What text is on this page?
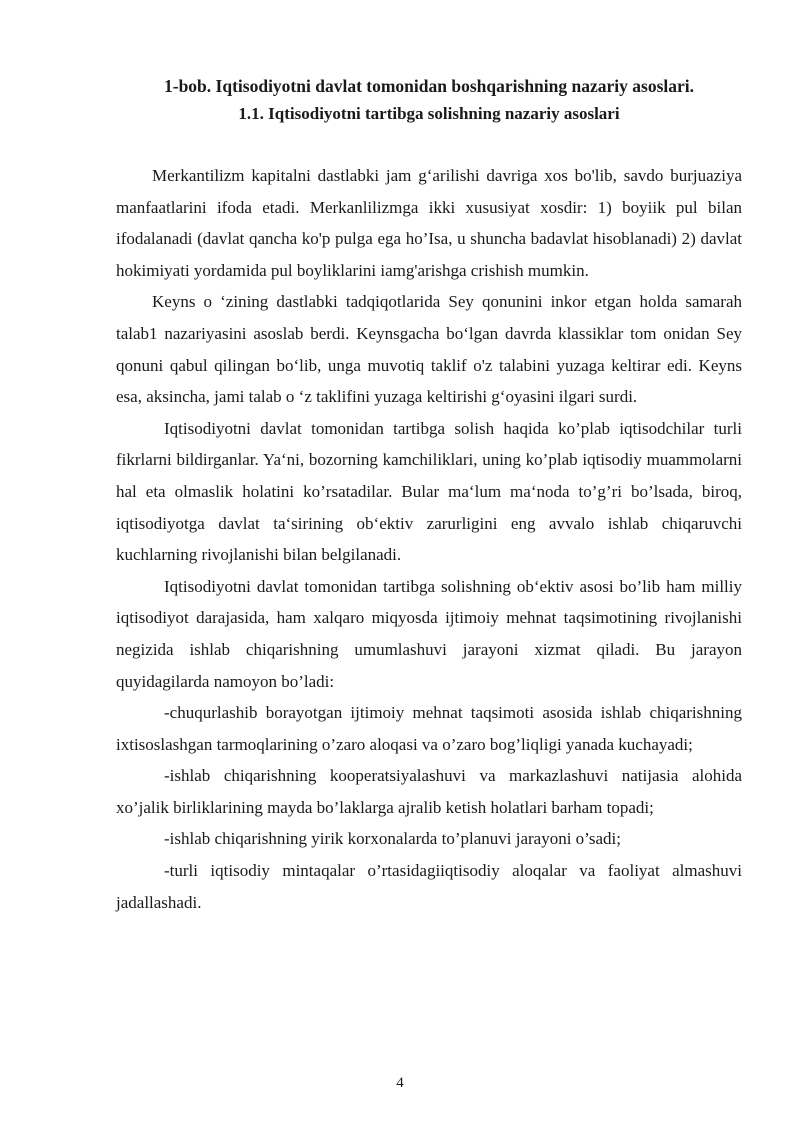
1-bob. Iqtisodiyotni davlat tomonidan boshqarishning nazariy asoslari.
1.1. Iqtisodiyotni tartibga solishning nazariy asoslari

Merkantilizm kapitalni dastlabki jam g‘arilishi davriga xos bo'lib, savdo burjuaziya manfaatlarini ifoda etadi. Merkanlilizmga ikki xususiyat xosdir: 1) boyiik pul bilan ifodalanadi (davlat qancha ko'p pulga ega ho’Isa, u shuncha badavlat hisoblanadi) 2) davlat hokimiyati yordamida pul boyliklarini iamg'arishga crishish mumkin.

Keyns o ‘zining dastlabki tadqiqotlarida Sey qonunini inkor etgan holda samarah talab1 nazariyasini asoslab berdi. Keynsgacha bo‘lgan davrda klassiklar tom onidan Sey qonuni qabul qilingan bo‘lib, unga muvotiq taklif o'z talabini yuzaga keltirar edi. Keyns esa, aksincha, jami talab o ‘z taklifini yuzaga keltirishi g‘oyasini ilgari surdi.

Iqtisodiyotni davlat tomonidan tartibga solish haqida ko’plab iqtisodchilar turli fikrlarni bildirganlar. Ya‘ni, bozorning kamchiliklari, uning ko’plab iqtisodiy muammolarni hal eta olmaslik holatini ko’rsatadilar. Bular ma‘lum ma‘noda to’g’ri bo’lsada, biroq, iqtisodiyotga davlat ta‘sirining ob‘ektiv zarurligini eng avvalo ishlab chiqaruvchi kuchlarning rivojlanishi bilan belgilanadi.

Iqtisodiyotni davlat tomonidan tartibga solishning ob‘ektiv asosi bo’lib ham milliy iqtisodiyot darajasida, ham xalqaro miqyosda ijtimoiy mehnat taqsimotining rivojlanishi negizida ishlab chiqarishning umumlashuvi jarayoni xizmat qiladi. Bu jarayon quyidagilarda namoyon bo’ladi:

-chuqurlashib borayotgan ijtimoiy mehnat taqsimoti asosida ishlab chiqarishning ixtisoslashgan tarmoqlarining o’zaro aloqasi va o’zaro bog’liqligi yanada kuchayadi;

-ishlab chiqarishning kooperatsiyalashuvi va markazlashuvi natijasia alohida xo’jalik birliklarining mayda bo’laklarga ajralib ketish holatlari barham topadi;

-ishlab chiqarishning yirik korxonalarda to’planuvi jarayoni o’sadi;

-turli iqtisodiy mintaqalar o’rtasidagiiqtisodiy aloqalar va faoliyat almashuvi jadallashadi.

4
